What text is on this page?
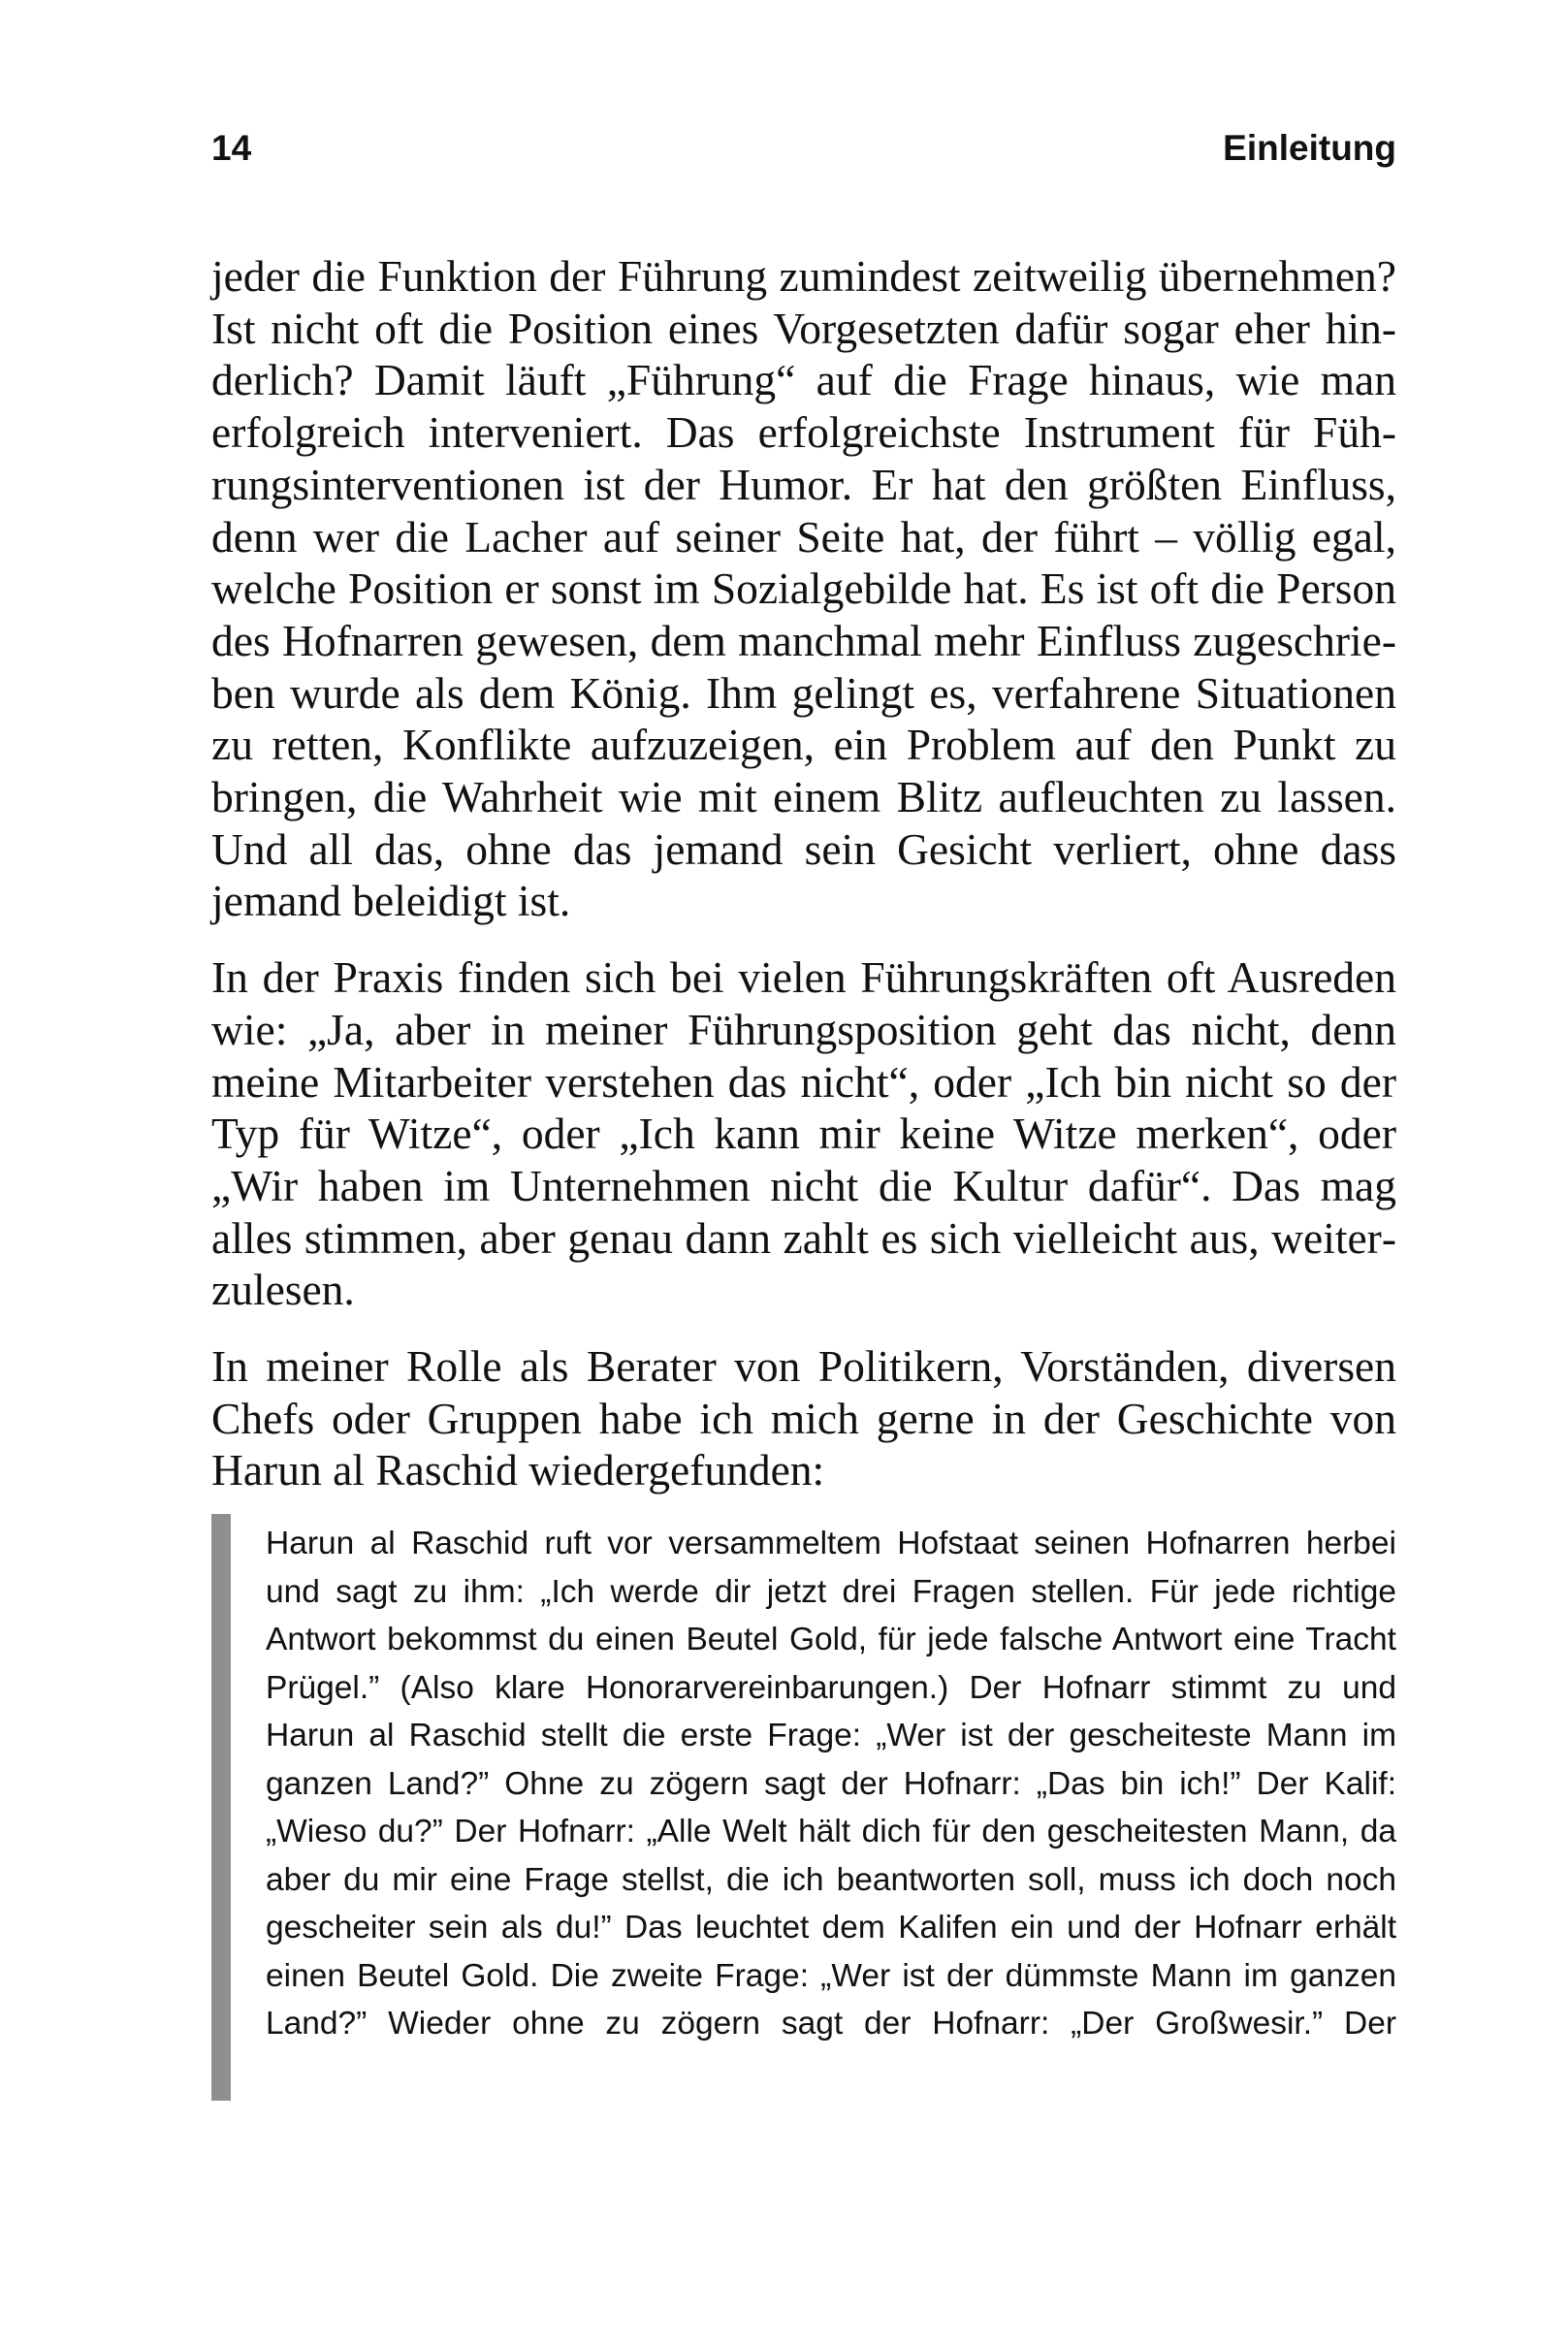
14	Einleitung

jeder die Funktion der Führung zumindest zeitweilig übernehmen? Ist nicht oft die Position eines Vorgesetzten dafür sogar eher hinderlich? Damit läuft „Führung“ auf die Frage hinaus, wie man erfolgreich interveniert. Das erfolgreichste Instrument für Führungsinterventionen ist der Humor. Er hat den größten Einfluss, denn wer die Lacher auf seiner Seite hat, der führt – völlig egal, welche Position er sonst im Sozialgebilde hat. Es ist oft die Person des Hofnarren gewesen, dem manchmal mehr Einfluss zugeschrieben wurde als dem König. Ihm gelingt es, verfahrene Situationen zu retten, Konflikte aufzuzeigen, ein Problem auf den Punkt zu bringen, die Wahrheit wie mit einem Blitz aufleuchten zu lassen. Und all das, ohne das jemand sein Gesicht verliert, ohne dass jemand beleidigt ist.

In der Praxis finden sich bei vielen Führungskräften oft Ausreden wie: „Ja, aber in meiner Führungsposition geht das nicht, denn meine Mitarbeiter verstehen das nicht“, oder „Ich bin nicht so der Typ für Witze“, oder „Ich kann mir keine Witze merken“, oder „Wir haben im Unternehmen nicht die Kultur dafür“. Das mag alles stimmen, aber genau dann zahlt es sich vielleicht aus, weiterzulesen.

In meiner Rolle als Berater von Politikern, Vorständen, diversen Chefs oder Gruppen habe ich mich gerne in der Geschichte von Harun al Raschid wiedergefunden:

Harun al Raschid ruft vor versammeltem Hofstaat seinen Hofnarren herbei und sagt zu ihm: „Ich werde dir jetzt drei Fragen stellen. Für jede richtige Antwort bekommst du einen Beutel Gold, für jede falsche Antwort eine Tracht Prügel.” (Also klare Honorarvereinbarungen.) Der Hofnarr stimmt zu und Harun al Raschid stellt die erste Frage: „Wer ist der gescheiteste Mann im ganzen Land?” Ohne zu zögern sagt der Hofnarr: „Das bin ich!” Der Kalif: „Wieso du?” Der Hofnarr: „Alle Welt hält dich für den gescheitesten Mann, da aber du mir eine Frage stellst, die ich beantworten soll, muss ich doch noch gescheiter sein als du!” Das leuchtet dem Kalifen ein und der Hofnarr erhält einen Beutel Gold. Die zweite Frage: „Wer ist der dümmste Mann im ganzen Land?” Wieder ohne zu zögern sagt der Hofnarr: „Der Großwesir.” Der
